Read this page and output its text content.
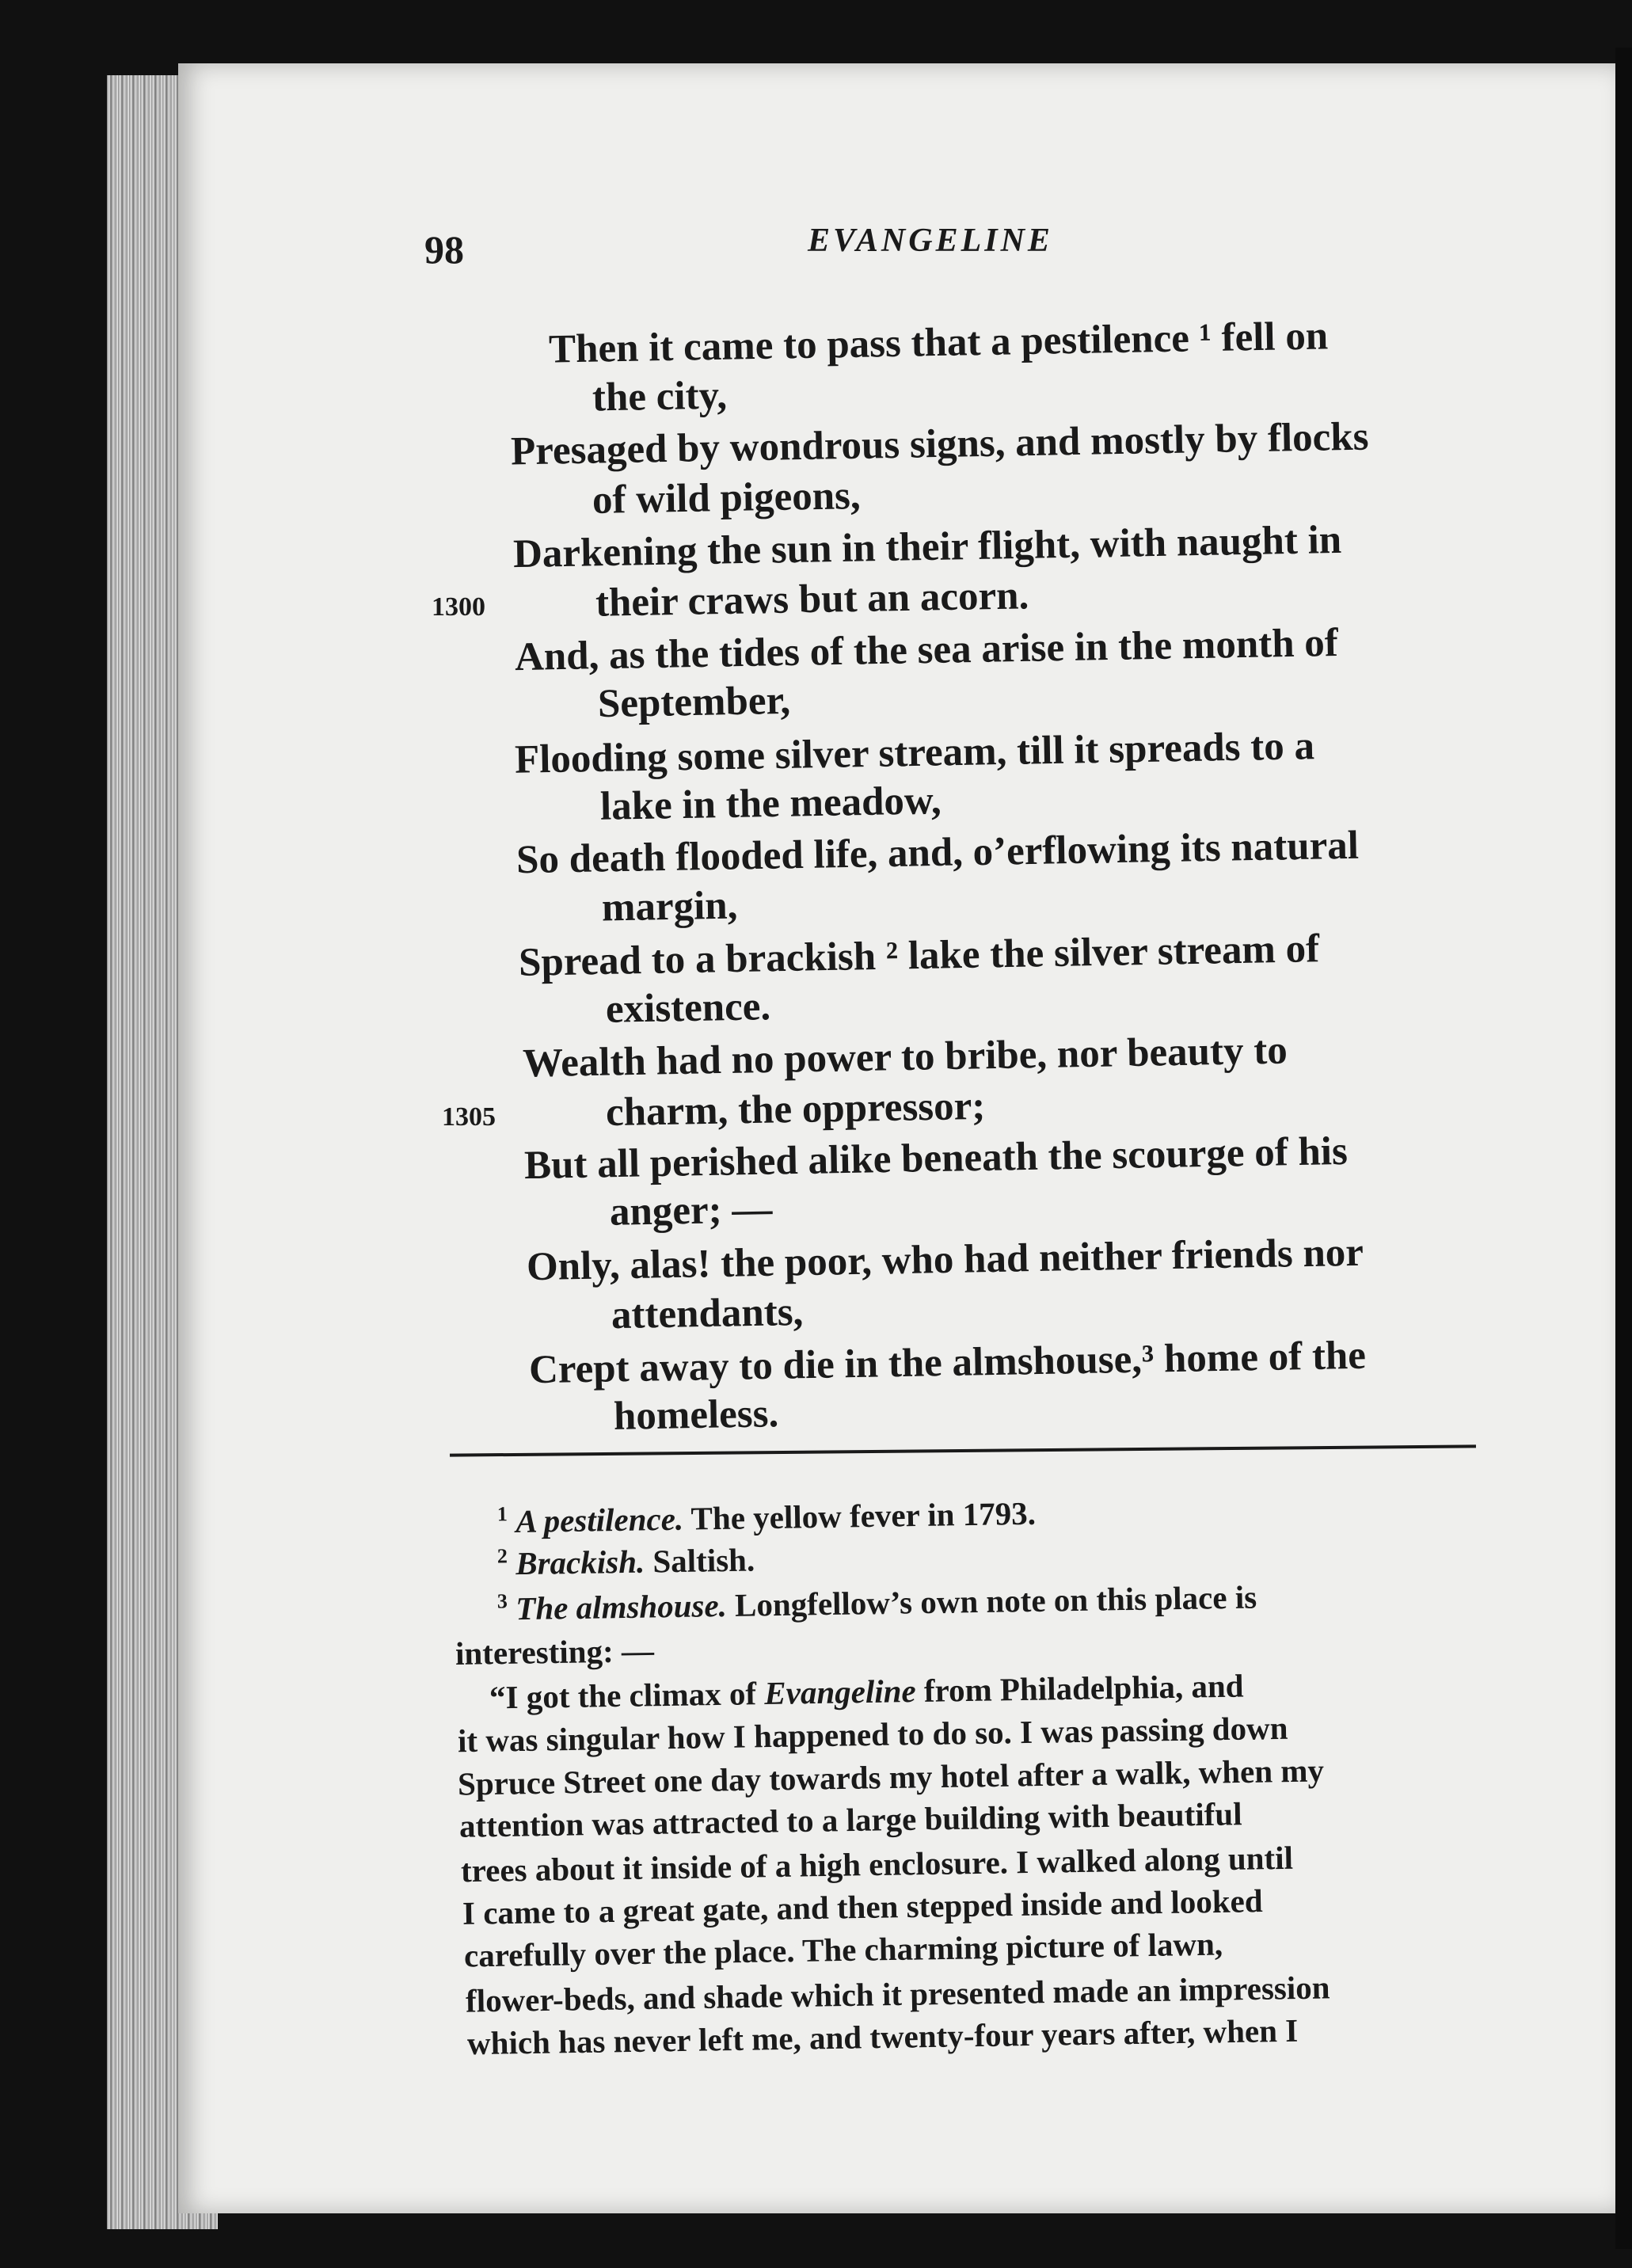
98	EVANGELINE
Then it came to pass that a pestilence ¹ fell on
the city,
Presaged by wondrous signs, and mostly by flocks
of wild pigeons,
Darkening the sun in their flight, with naught in
1300	their craws but an acorn.
And, as the tides of the sea arise in the month of
September,
Flooding some silver stream, till it spreads to a
lake in the meadow,
So death flooded life, and, o’erflowing its natural
margin,
Spread to a brackish ² lake the silver stream of
existence.
Wealth had no power to bribe, nor beauty to
1305	charm, the oppressor;
But all perished alike beneath the scourge of his
anger; —
Only, alas! the poor, who had neither friends nor
attendants,
Crept away to die in the almshouse,³ home of the
homeless.
$^1$ A pestilence. The yellow fever in 1793.
$^2$ Brackish. Saltish.
$^3$ The almshouse. Longfellow’s own note on this place is
interesting: —
“I got the climax of Evangeline from Philadelphia, and
it was singular how I happened to do so. I was passing down
Spruce Street one day towards my hotel after a walk, when my
attention was attracted to a large building with beautiful
trees about it inside of a high enclosure. I walked along until
I came to a great gate, and then stepped inside and looked
carefully over the place. The charming picture of lawn,
flower-beds, and shade which it presented made an impression
which has never left me, and twenty-four years after, when I
